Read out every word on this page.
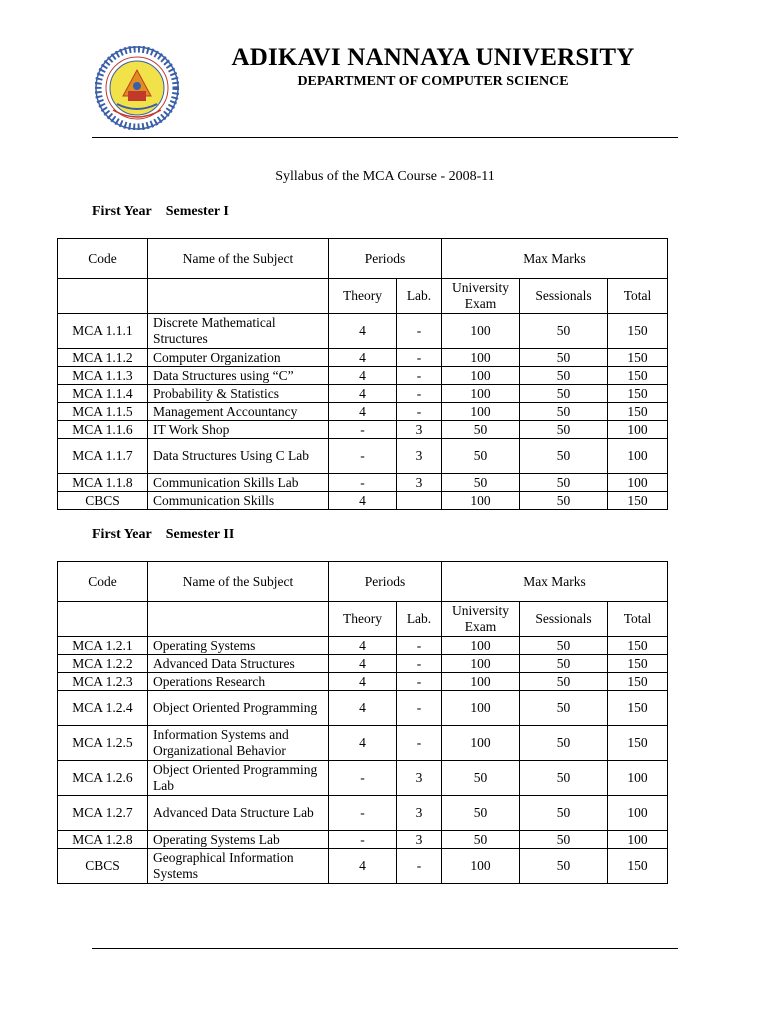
ADIKAVI NANNAYA UNIVERSITY
DEPARTMENT OF COMPUTER SCIENCE
Syllabus of the MCA Course - 2008-11
First Year Semester I
Code	Name of the Subject	Periods		Max Marks		
		Theory	Lab.	University Exam	Sessionals	Total
MCA 1.1.1	Discrete Mathematical Structures	4	-	100	50	150
MCA 1.1.2	Computer Organization	4	-	100	50	150
MCA 1.1.3	Data Structures using “C”	4	-	100	50	150
MCA 1.1.4	Probability & Statistics	4	-	100	50	150
MCA 1.1.5	Management Accountancy	4	-	100	50	150
MCA 1.1.6	IT Work Shop	-	3	50	50	100
MCA 1.1.7	Data Structures Using C Lab	-	3	50	50	100
MCA 1.1.8	Communication Skills Lab	-	3	50	50	100
CBCS	Communication Skills	4		100	50	150
First Year Semester II
Code	Name of the Subject	Periods		Max Marks		
		Theory	Lab.	University Exam	Sessionals	Total
MCA 1.2.1	Operating Systems	4	-	100	50	150
MCA 1.2.2	Advanced Data Structures	4	-	100	50	150
MCA 1.2.3	Operations Research	4	-	100	50	150
MCA 1.2.4	Object Oriented Programming	4	-	100	50	150
MCA 1.2.5	Information Systems and Organizational Behavior	4	-	100	50	150
MCA 1.2.6	Object Oriented Programming Lab	-	3	50	50	100
MCA 1.2.7	Advanced Data Structure Lab	-	3	50	50	100
MCA 1.2.8	Operating Systems Lab	-	3	50	50	100
CBCS	Geographical Information Systems	4	-	100	50	150
